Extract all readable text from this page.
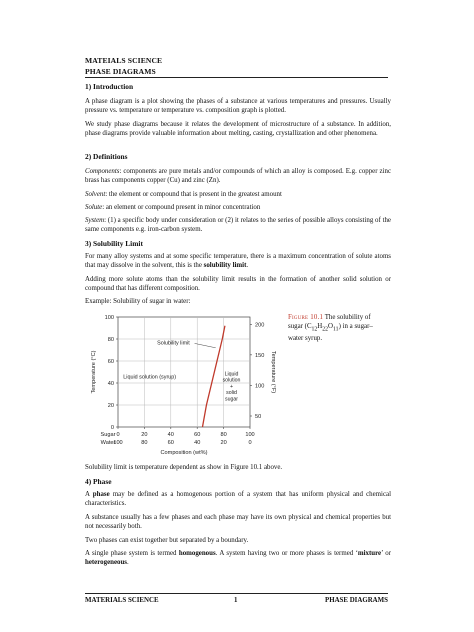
MATEIALS SCIENCE
PHASE DIAGRAMS
1) Introduction
A phase diagram is a plot showing the phases of a substance at various temperatures and pressures. Usually pressure vs. temperature or temperature vs. composition graph is plotted.
We study phase diagrams because it relates the development of microstructure of a substance. In addition, phase diagrams provide valuable information about melting, casting, crystallization and other phenomena.
2) Definitions
Components: components are pure metals and/or compounds of which an alloy is composed. E.g. copper zinc brass has components copper (Cu) and zinc (Zn).
Solvent: the element or compound that is present in the greatest amount
Solute: an element or compound present in minor concentration
System: (1) a specific body under consideration or (2) it relates to the series of possible alloys consisting of the same components e.g. iron-carbon system.
3) Solubility Limit
For many alloy systems and at some specific temperature, there is a maximum concentration of solute atoms that may dissolve in the solvent, this is the solubility limit.
Adding more solute atoms than the solubility limit results in the formation of another solid solution or compound that has different composition.
Example: Solubility of sugar in water:
0
100
20
80
40
60
60
40
80
20
100
0
0
20
40
60
80
100
50
100
150
200
Sugar
Water
Composition (wt%)
Temperature (°C)	Temperature (°F)
Solubility limit
Liquid solution (syrup)
Liquid
solution
+
solid
sugar
Figure 10.1 The solubility of sugar $(C_{12}H_{22}O_{11})$ in a sugar–water syrup.
Solubility limit is temperature dependent as show in Figure 10.1 above.
4) Phase
A phase may be defined as a homogenous portion of a system that has uniform physical and chemical characteristics.
A substance usually has a few phases and each phase may have its own physical and chemical properties but not necessarily both.
Two phases can exist together but separated by a boundary.
A single phase system is termed homogenous. A system having two or more phases is termed ‘mixture’ or heterogeneous.
MATERIALS SCIENCE	1	PHASE DIAGRAMS
